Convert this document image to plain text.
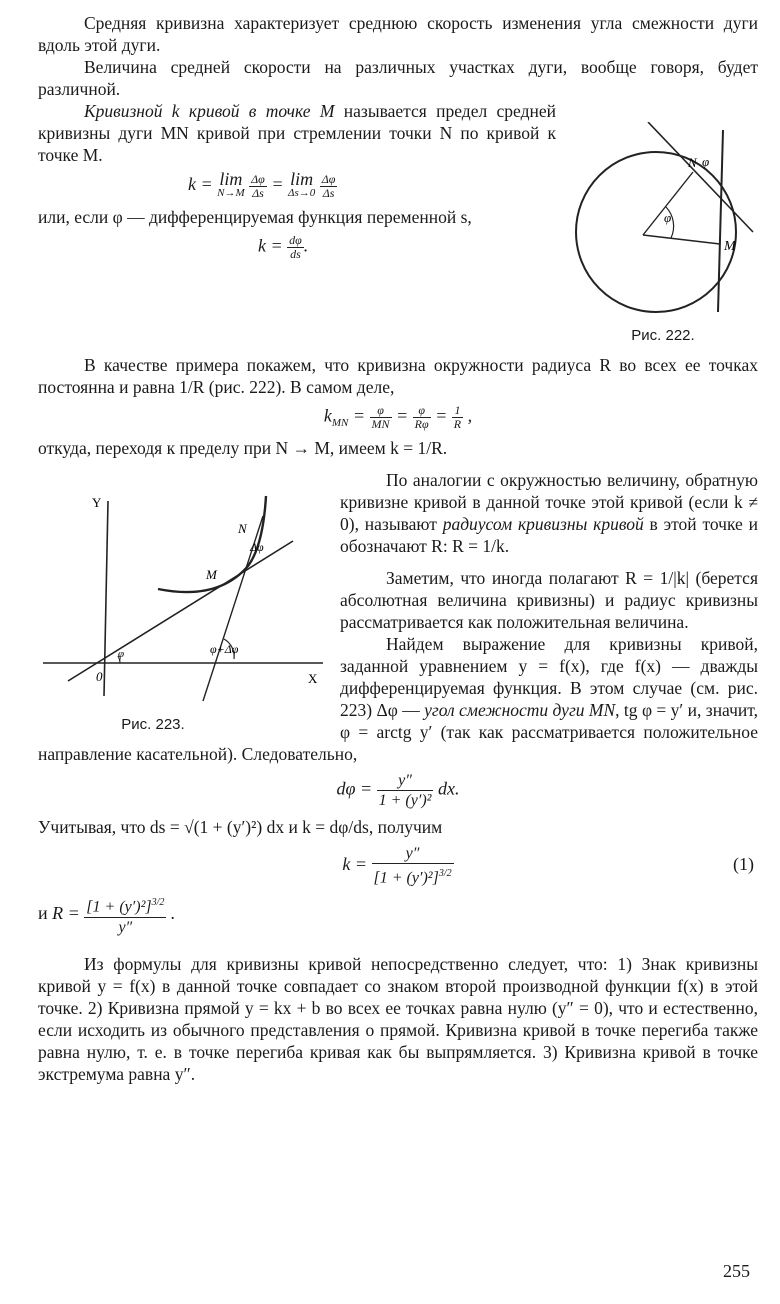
Средняя кривизна характеризует среднюю скорость изменения угла смежности дуги вдоль этой дуги.

Величина средней скорости на различных участках дуги, вообще говоря, будет различной.

φ
N φ
M
Рис. 222.

Кривизной k кривой в точке M называется предел средней кривизны дуги MN кривой при стремлении точки N по кривой к точке M.

k = lim
N→M
$\frac{\Delta\varphi}{\Delta s} = \lim$
Δs→0
$\frac{\Delta\varphi}{\Delta s}$

или, если φ — дифференцируемая функция переменной s,

$k = \frac{d\varphi}{ds}$ .

В качестве примера покажем, что кривизна окружности радиуса R во всех ее точках постоянна и равна 1/R (рис. 222). В самом деле,

$k_{MN} = \frac{\varphi}{MN} = \frac{\varphi}{R\varphi} = \frac{1}{R}$ ,

откуда, переходя к пределу при N → M, имеем k = 1/R.

Y
X
0
N
Δφ
M
φ+Δφ
φ
Рис. 223.

По аналогии с окружностью величину, обратную кривизне кривой в данной точке этой кривой (если k ≠ 0), называют радиусом кривизны кривой в этой точке и обозначают R: R = 1/k.

Заметим, что иногда полагают R = 1/|k| (берется абсолютная величина кривизны) и радиус кривизны рассматривается как положительная величина.

Найдем выражение для кривизны кривой, заданной уравнением y = f(x), где f(x) — дважды дифференцируемая функция. В этом случае (см. рис. 223) Δφ — угол смежности дуги MN, tg φ = y′ и, значит, φ = arctg y′ (так как рассматривается положительное направление касательной). Следовательно,

$d\varphi = \frac{y''}{\text{1 + (y′)²}}$ dx.

Учитывая, что ds = √(1 + (y′)²) dx и k = dφ/ds, получим

$k = \frac{y''}{[1 + (y')^2]^{3/2}}$	(1)
и $R = \frac{[1 + (y')^2]^{3/2}}{y''}$ .

Из формулы для кривизны кривой непосредственно следует, что: 1) Знак кривизны кривой y = f(x) в данной точке совпадает со знаком второй производной функции f(x) в этой точке. 2) Кривизна прямой y = kx + b во всех ее точках равна нулю (y″ = 0), что и естественно, если исходить из обычного представления о прямой. Кривизна кривой в точке перегиба также равна нулю, т. е. в точке перегиба кривая как бы выпрямляется. 3) Кривизна кривой в точке экстремума равна y″.

255
